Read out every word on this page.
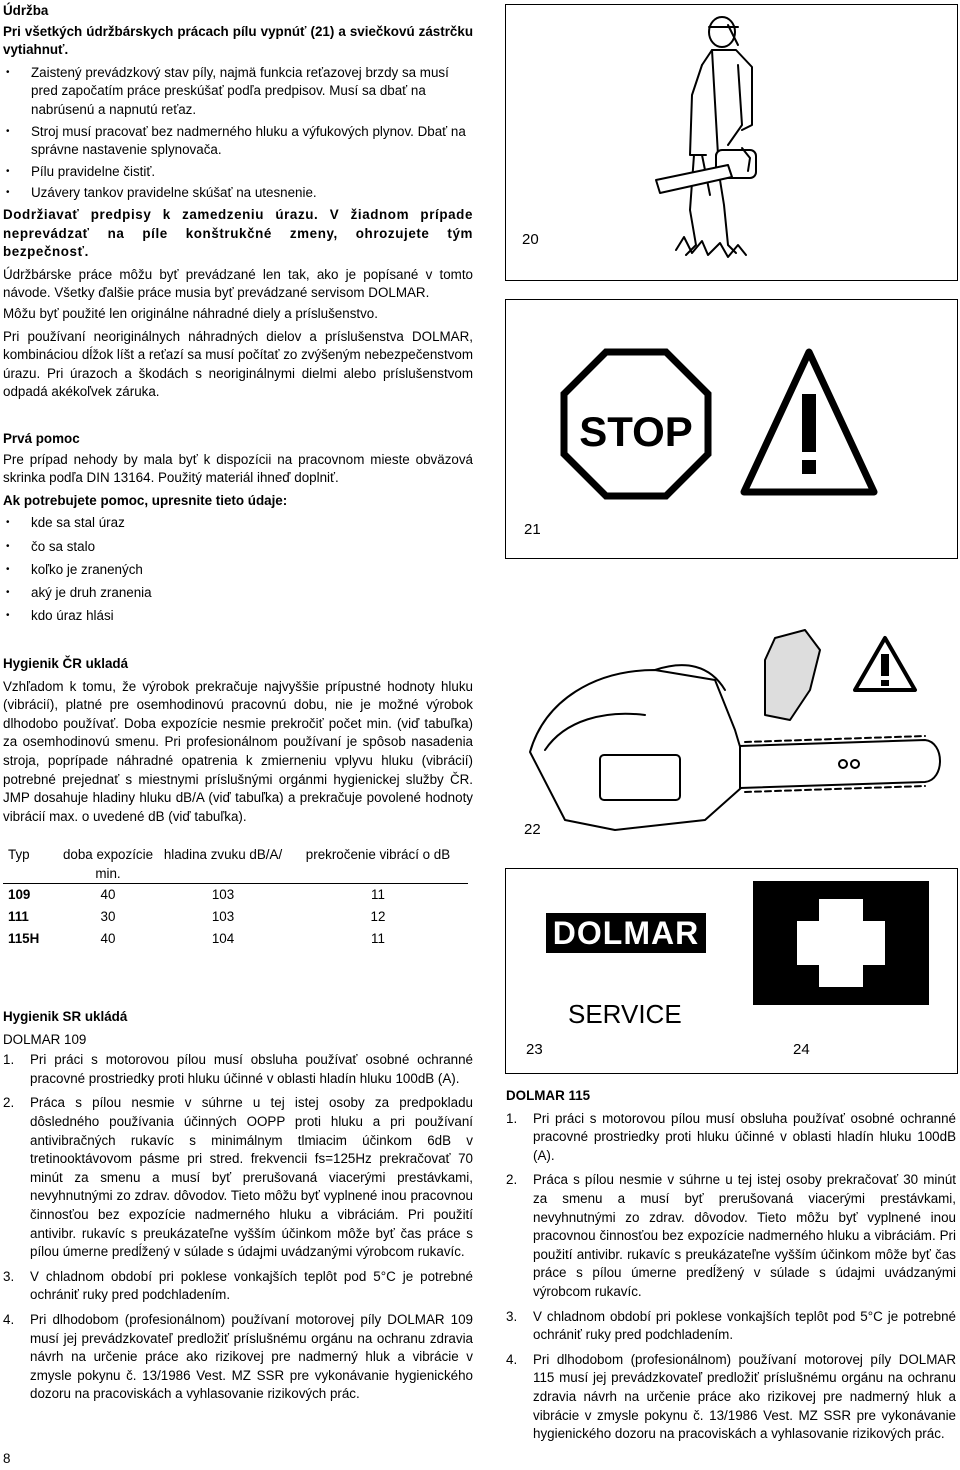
Údržba

Pri všetkých údržbárskych prácach pílu vypnúť (21) a sviečkovú zástrčku vytiahnuť.

• Zaistený prevádzkový stav píly, najmä funkcia reťazovej brzdy sa musí pred započatím práce preskúšať podľa predpisov. Musí sa dbať na nabrúsenú a napnutú reťaz.
• Stroj musí pracovať bez nadmerného hluku a výfukových plynov. Dbať na správne nastavenie splynovača.
• Pílu pravidelne čistiť.
• Uzávery tankov pravidelne skúšať na utesnenie.

Dodržiavať predpisy k zamedzeniu úrazu. V žiadnom prípade neprevádzať na píle konštrukčné zmeny, ohrozujete tým bezpečnosť.

Údržbárske práce môžu byť prevádzané len tak, ako je popísané v tomto návode. Všetky ďalšie práce musia byť prevádzané servisom DOLMAR.

Môžu byť použité len originálne náhradné diely a príslušenstvo.

Pri používaní neoriginálnych náhradných dielov a príslušenstva DOLMAR, kombináciou dĺžok líšt a reťazí sa musí počítať zo zvýšeným nebezpečenstvom úrazu. Pri úrazoch a škodách s neoriginálnymi dielmi alebo príslušenstvom odpadá akékoľvek záruka.

Prvá pomoc

Pre prípad nehody by mala byť k dispozícii na pracovnom mieste obväzová skrinka podľa DIN 13164. Použitý materiál ihneď doplniť.

Ak potrebujete pomoc, upresnite tieto údaje:

• kde sa stal úraz
• čo sa stalo
• koľko je zranených
• aký je druh zranenia
• kdo úraz hlási

Hygienik ČR ukladá

Vzhľadom k tomu, že výrobok prekračuje najvyššie prípustné hodnoty hluku (vibrácií), platné pre osemhodinovú pracovnú dobu, nie je možné výrobok dlhodobo používať. Doba expozície nesmie prekročiť počet min. (viď tabuľka) za osemhodinovú smenu. Pri profesionálnom používaní je spôsob nasadenia stroja, poprípade náhradné opatrenia k zmierneniu vplyvu hluku (vibrácií) potrebné prejednať s miestnymi príslušnými orgánmi hygienickej služby ČR. JMP dosahuje hladiny hluku dB/A (viď tabuľka) a prekračuje povolené hodnoty vibrácií max. o uvedené dB (viď tabuľka).

Typ	doba expozície min.	hladina zvuku dB/A/	prekročenie vibrácí o dB
109	40	103	11
111	30	103	12
115H	40	104	11

Hygienik SR ukládá

DOLMAR 109

1. Pri práci s motorovou pílou musí obsluha používať osobné ochranné pracovné prostriedky proti hluku účinné v oblasti hladín hluku 100dB (A).
2. Práca s pílou nesmie v súhrne u tej istej osoby za predpokladu dôsledného používania účinných OOPP proti hluku a pri používaní antivibračných rukavíc s minimálnym tlmiacim účinkom 6dB v tretinooktávovom pásme pri stred. frekvencii fs=125Hz prekračovať 70 minút za smenu a musí byť prerušovaná viacerými prestávkami, nevyhnutnými zo zdrav. dôvodov. Tieto môžu byť vyplnené inou pracovnou činnosťou bez expozície nadmerného hluku a vibráciám. Pri použití antivibr. rukavíc s preukázateľne vyšším účinkom môže byť čas práce s pílou úmerne predĺžený v súlade s údajmi uvádzanými výrobcom rukavíc.
3. V chladnom období pri poklese vonkajších teplôt pod 5°C je potrebné ochrániť ruky pred podchladením.
4. Pri dlhodobom (profesionálnom) používaní motorovej píly DOLMAR 109 musí jej prevádzkovateľ predložiť príslušnému orgánu na ochranu zdravia návrh na určenie práce ako rizikovej pre nadmerný hluk a vibrácie v zmysle pokynu č. 13/1986 Vest. MZ SSR pre vykonávanie hygienického dozoru na pracoviskách a vyhlasovanie rizikových prác.
8
20
STOP
21
22
DOLMAR
SERVICE
23	24

DOLMAR 115

1. Pri práci s motorovou pílou musí obsluha používať osobné ochranné pracovné prostriedky proti hluku účinné v oblasti hladín hluku 100dB (A).
2. Práca s pílou nesmie v súhrne u tej istej osoby prekračovať 30 minút za smenu a musí byť prerušovaná viacerými prestávkami, nevyhnutnými zo zdrav. dôvodov. Tieto môžu byť vyplnené inou pracovnou činnosťou bez expozície nadmerného hluku a vibráciám. Pri použití antivibr. rukavíc s preukázateľne vyšším účinkom môže byť čas práce s pílou úmerne predĺžený v súlade s údajmi uvádzanými výrobcom rukavíc.
3. V chladnom období pri poklese vonkajších teplôt pod 5°C je potrebné ochrániť ruky pred podchladením.
4. Pri dlhodobom (profesionálnom) používaní motorovej píly DOLMAR 115 musí jej prevádzkovateľ predložiť príslušnému orgánu na ochranu zdravia návrh na určenie práce ako rizikovej pre nadmerný hluk a vibrácie v zmysle pokynu č. 13/1986 Vest. MZ SSR pre vykonávanie hygienického dozoru na pracoviskách a vyhlasovanie rizikových prác.
